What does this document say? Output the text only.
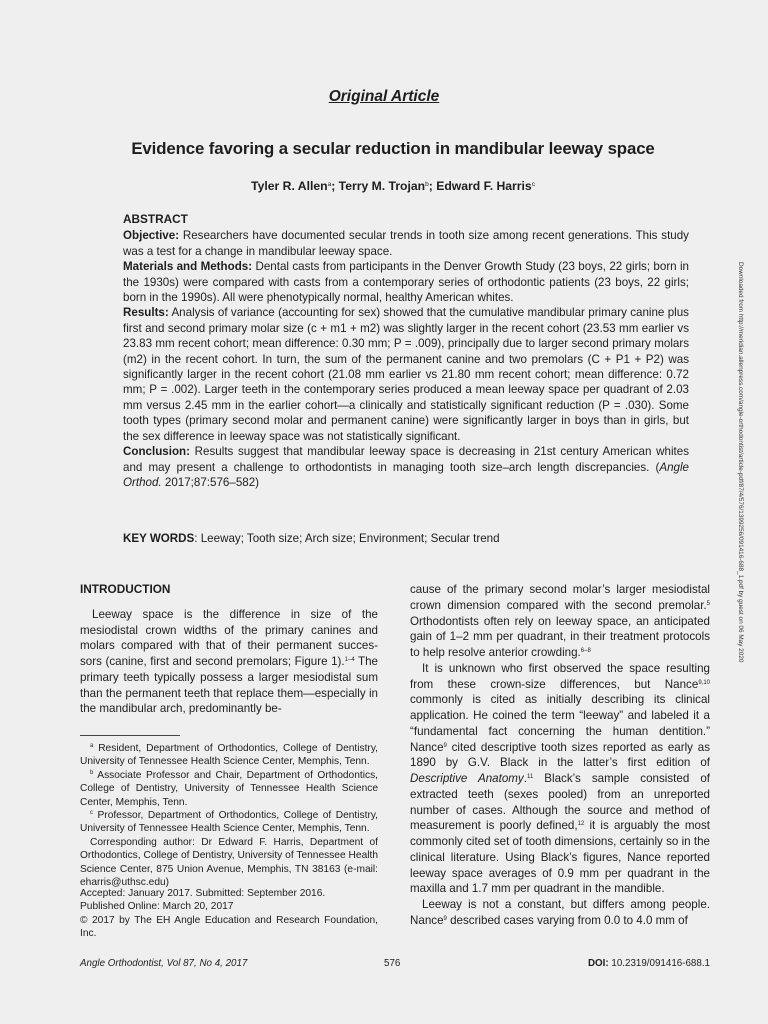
Original Article
Evidence favoring a secular reduction in mandibular leeway space
Tyler R. Allen$^a$; Terry M. Trojan$^b$; Edward F. Harris$^c$
ABSTRACT

Objective: Researchers have documented secular trends in tooth size among recent generations. This study was a test for a change in mandibular leeway space.

Materials and Methods: Dental casts from participants in the Denver Growth Study (23 boys, 22 girls; born in the 1930s) were compared with casts from a contemporary series of orthodontic patients (23 boys, 22 girls; born in the 1990s). All were phenotypically normal, healthy American whites.

Results: Analysis of variance (accounting for sex) showed that the cumulative mandibular primary canine plus first and second primary molar size (c + m1 + m2) was slightly larger in the recent cohort (23.53 mm earlier vs 23.83 mm recent cohort; mean difference: 0.30 mm; P = .009), principally due to larger second primary molars (m2) in the recent cohort. In turn, the sum of the permanent canine and two premolars (C + P1 + P2) was significantly larger in the recent cohort (21.08 mm earlier vs 21.80 mm recent cohort; mean difference: 0.72 mm; P = .002). Larger teeth in the contemporary series produced a mean leeway space per quadrant of 2.03 mm versus 2.45 mm in the earlier cohort—a clinically and statistically significant reduction (P = .030). Some tooth types (primary second molar and permanent canine) were significantly larger in boys than in girls, but the sex difference in leeway space was not statistically significant.

Conclusion: Results suggest that mandibular leeway space is decreasing in 21st century American whites and may present a challenge to orthodontists in managing tooth size–arch length discrepancies. (Angle Orthod. 2017;87:576–582)

KEY WORDS: Leeway; Tooth size; Arch size; Environment; Secular trend
INTRODUCTION

Leeway space is the difference in size of the mesiodistal crown widths of the primary canines and molars compared with that of their permanent succes-sors (canine, first and second premolars; Figure 1).$^{1-4}$ The primary teeth typically possess a larger mesiodistal sum than the permanent teeth that replace them—especially in the mandibular arch, predominantly be-

cause of the primary second molar’s larger mesiodistal crown dimension compared with the second premolar.$^5$ Orthodontists often rely on leeway space, an anticipated gain of 1–2 mm per quadrant, in their treatment protocols to help resolve anterior crowding.$^{6-8}$

It is unknown who first observed the space resulting from these crown-size differences, but Nance$^{9,10}$ commonly is cited as initially describing its clinical application. He coined the term “leeway” and labeled it a “fundamental fact concerning the human dentition.” Nance$^9$ cited descriptive tooth sizes reported as early as 1890 by G.V. Black in the latter’s first edition of Descriptive Anatomy.$^{11}$ Black’s sample consisted of extracted teeth (sexes pooled) from an unreported number of cases. Although the source and method of measurement is poorly defined,$^{12}$ it is arguably the most commonly cited set of tooth dimensions, certainly so in the clinical literature. Using Black’s figures, Nance reported leeway space averages of 0.9 mm per quadrant in the maxilla and 1.7 mm per quadrant in the mandible.

Leeway is not a constant, but differs among people. Nance$^9$ described cases varying from 0.0 to 4.0 mm of

$^a$ Resident, Department of Orthodontics, College of Dentistry, University of Tennessee Health Science Center, Memphis, Tenn.

$^b$ Associate Professor and Chair, Department of Orthodontics, College of Dentistry, University of Tennessee Health Science Center, Memphis, Tenn.

$^c$ Professor, Department of Orthodontics, College of Dentistry, University of Tennessee Health Science Center, Memphis, Tenn.

Corresponding author: Dr Edward F. Harris, Department of Orthodontics, College of Dentistry, University of Tennessee Health Science Center, 875 Union Avenue, Memphis, TN 38163 (e-mail: eharris@uthsc.edu)

Accepted: January 2017. Submitted: September 2016.

Published Online: March 20, 2017

© 2017 by The EH Angle Education and Research Foundation, Inc.

Downloaded from http://meridian.allenpress.com/angle-orthodontist/article-pdf/87/4/576/1399256/091416-688_1.pdf by guest on 06 May 2020
Angle Orthodontist, Vol 87, No 4, 2017	576	DOI: 10.2319/091416-688.1
